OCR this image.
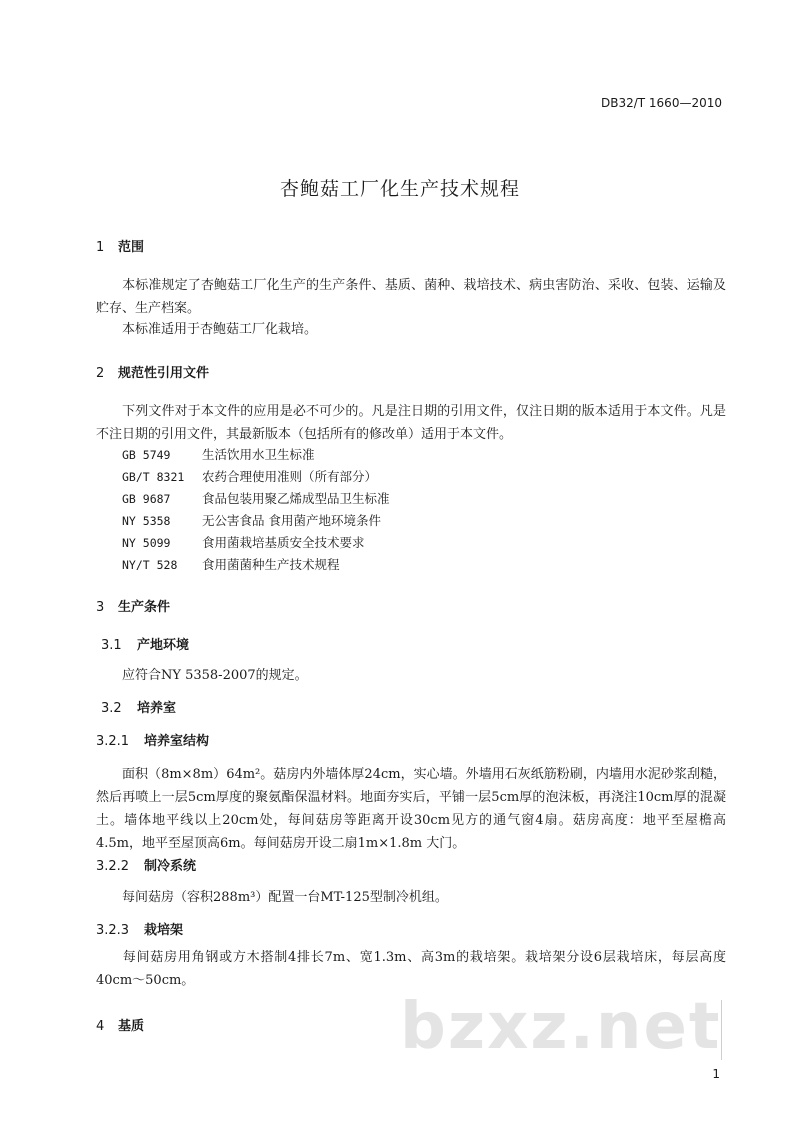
DB32/T 1660—2010
杏鲍菇工厂化生产技术规程
1 范围
本标准规定了杏鲍菇工厂化生产的生产条件、基质、菌种、栽培技术、病虫害防治、采收、包装、运输及贮存、生产档案。
本标准适用于杏鲍菇工厂化栽培。
2 规范性引用文件
下列文件对于本文件的应用是必不可少的。凡是注日期的引用文件，仅注日期的版本适用于本文件。凡是不注日期的引用文件，其最新版本（包括所有的修改单）适用于本文件。
GB 5749	生活饮用水卫生标准
GB/T 8321 农药合理使用准则（所有部分）
GB 9687	食品包装用聚乙烯成型品卫生标准
NY 5358	无公害食品 食用菌产地环境条件
NY 5099	食用菌栽培基质安全技术要求
NY/T 528 食用菌菌种生产技术规程
3 生产条件
3.1 产地环境
应符合NY 5358-2007的规定。
3.2 培养室
3.2.1 培养室结构
面积（8m×8m）64m²。菇房内外墙体厚24cm，实心墙。外墙用石灰纸筋粉刷，内墙用水泥砂浆刮糙，然后再喷上一层5cm厚度的聚氨酯保温材料。地面夯实后，平铺一层5cm厚的泡沫板，再浇注10cm厚的混凝土。墙体地平线以上20cm处，每间菇房等距离开设30cm见方的通气窗4扇。菇房高度：地平至屋檐高4.5m，地平至屋顶高6m。每间菇房开设二扇1m×1.8m 大门。
3.2.2 制冷系统
每间菇房（容积288m³）配置一台MT-125型制冷机组。
3.2.3 栽培架
每间菇房用角钢或方木搭制4排长7m、宽1.3m、高3m的栽培架。栽培架分设6层栽培床，每层高度40cm～50cm。
4 基质	bzxz.net
1
